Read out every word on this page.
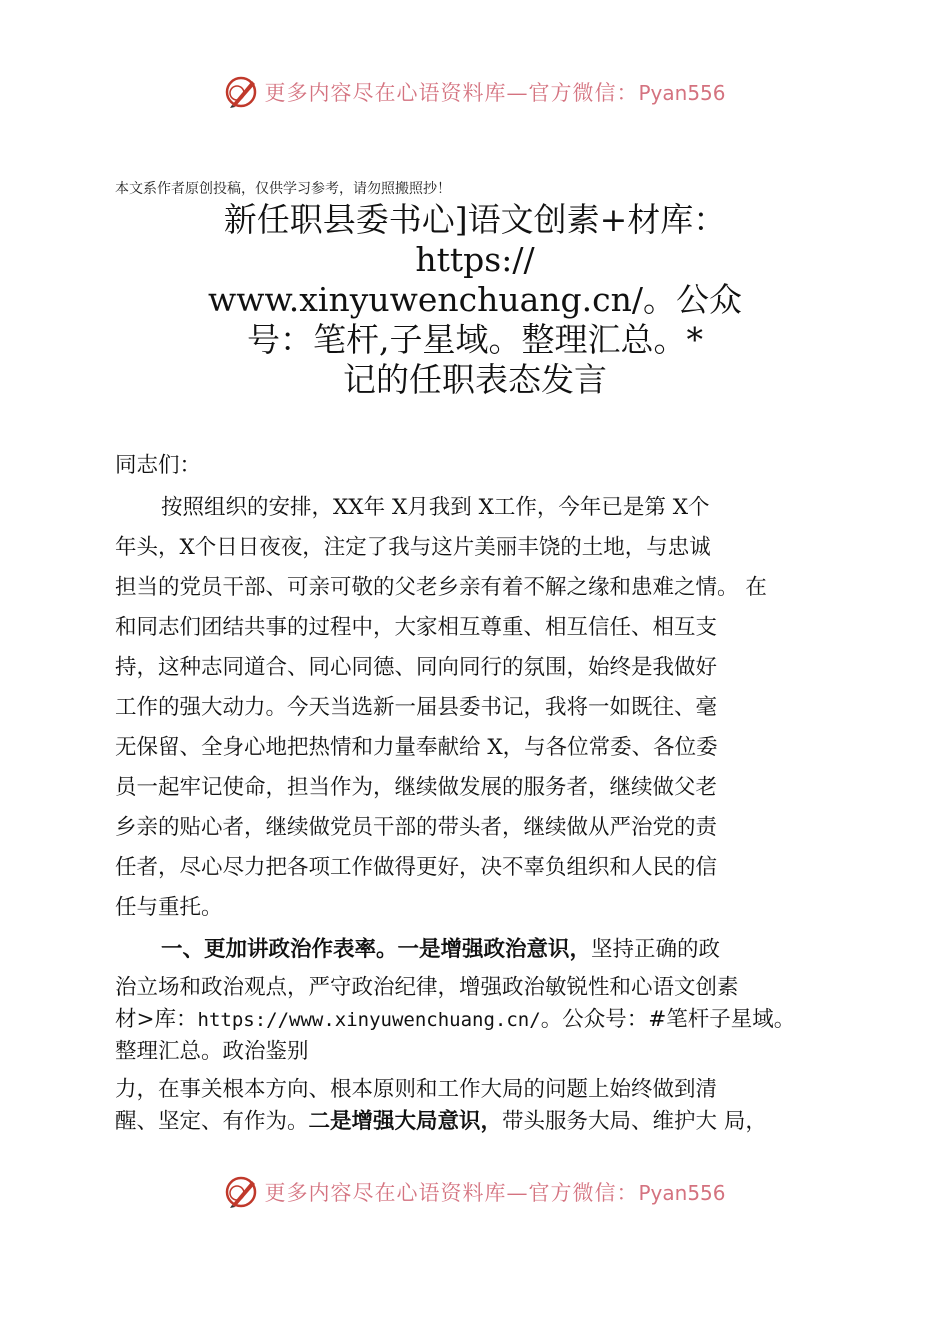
更多内容尽在心语资料库—官方微信：Pyan556
本文系作者原创投稿，仅供学习参考，请勿照搬照抄！
新任职县委书心]语文创素+材库：
https://
www.xinyuwenchuang.cn/。公众
号：笔杆,子星域。整理汇总。*
记的任职表态发言
同志们：
按照组织的安排，XX年 X月我到 X工作，今年已是第 X个
年头，X个日日夜夜，注定了我与这片美丽丰饶的土地，与忠诚
担当的党员干部、可亲可敬的父老乡亲有着不解之缘和患难之情。 在
和同志们团结共事的过程中，大家相互尊重、相互信任、相互支
持，这种志同道合、同心同德、同向同行的氛围，始终是我做好
工作的强大动力。今天当选新一届县委书记，我将一如既往、毫
无保留、全身心地把热情和力量奉献给 X，与各位常委、各位委
员一起牢记使命，担当作为，继续做发展的服务者，继续做父老
乡亲的贴心者，继续做党员干部的带头者，继续做从严治党的责
任者，尽心尽力把各项工作做得更好，决不辜负组织和人民的信
任与重托。
一、更加讲政治作表率。一是增强政治意识，坚持正确的政
治立场和政治观点，严守政治纪律，增强政治敏锐性和心语文创素
材>库：https://www.xinyuwenchuang.cn/。公众号：#笔杆子星域。
整理汇总。政治鉴别
力，在事关根本方向、根本原则和工作大局的问题上始终做到清
醒、坚定、有作为。二是增强大局意识，带头服务大局、维护大 局，
更多内容尽在心语资料库—官方微信：Pyan556
